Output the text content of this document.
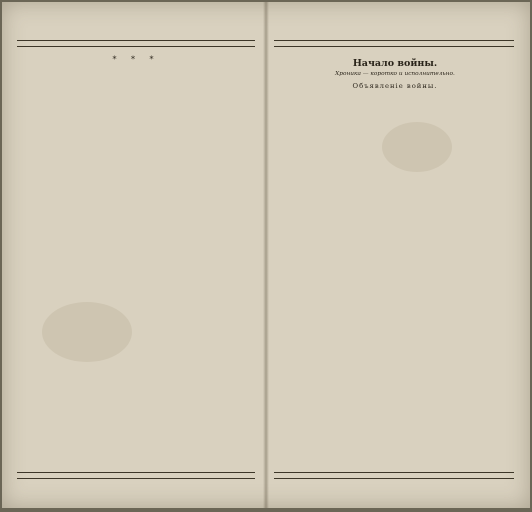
* * *	Начало войны.
Хроника — коротко и исполнительно.
Объявленіе войны.
